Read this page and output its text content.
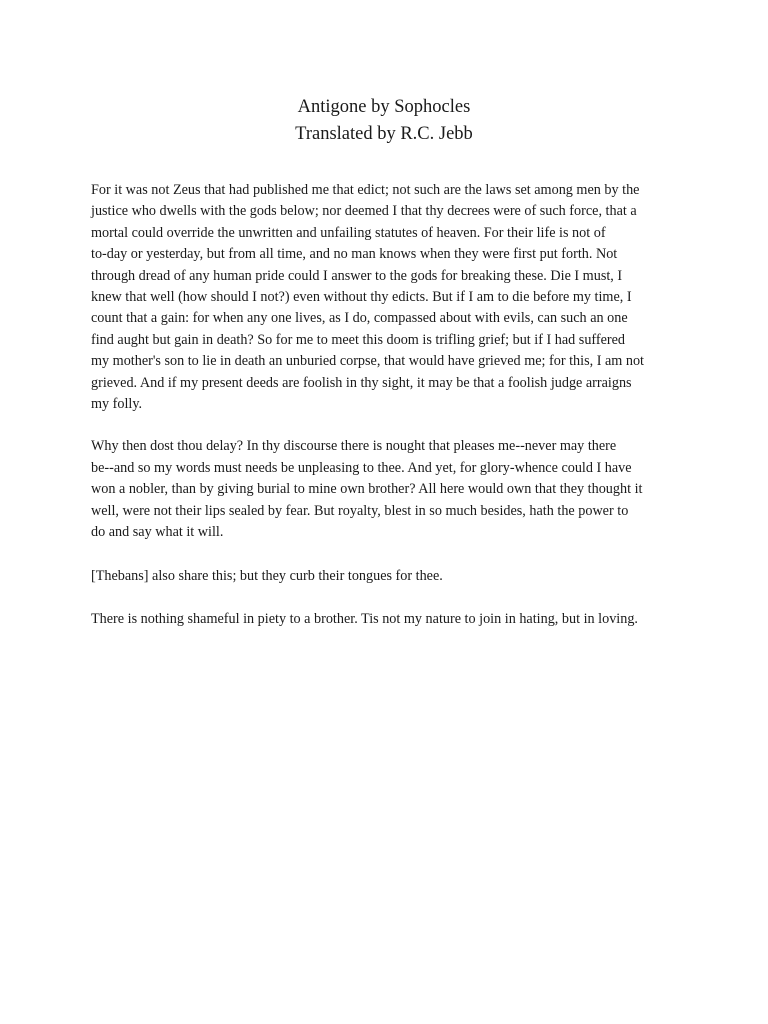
Antigone by Sophocles
Translated by R.C. Jebb

For it was not Zeus that had published me that edict; not such are the laws set among men by the
justice who dwells with the gods below; nor deemed I that thy decrees were of such force, that a
mortal could override the unwritten and unfailing statutes of heaven. For their life is not of
to-day or yesterday, but from all time, and no man knows when they were first put forth. Not
through dread of any human pride could I answer to the gods for breaking these. Die I must, I
knew that well (how should I not?) even without thy edicts. But if I am to die before my time, I
count that a gain: for when any one lives, as I do, compassed about with evils, can such an one
find aught but gain in death? So for me to meet this doom is trifling grief; but if I had suffered
my mother's son to lie in death an unburied corpse, that would have grieved me; for this, I am not
grieved. And if my present deeds are foolish in thy sight, it may be that a foolish judge arraigns
my folly.

Why then dost thou delay? In thy discourse there is nought that pleases me--never may there
be--and so my words must needs be unpleasing to thee. And yet, for glory-whence could I have
won a nobler, than by giving burial to mine own brother? All here would own that they thought it
well, were not their lips sealed by fear. But royalty, blest in so much besides, hath the power to
do and say what it will.

[Thebans] also share this; but they curb their tongues for thee.

There is nothing shameful in piety to a brother. Tis not my nature to join in hating, but in loving.
